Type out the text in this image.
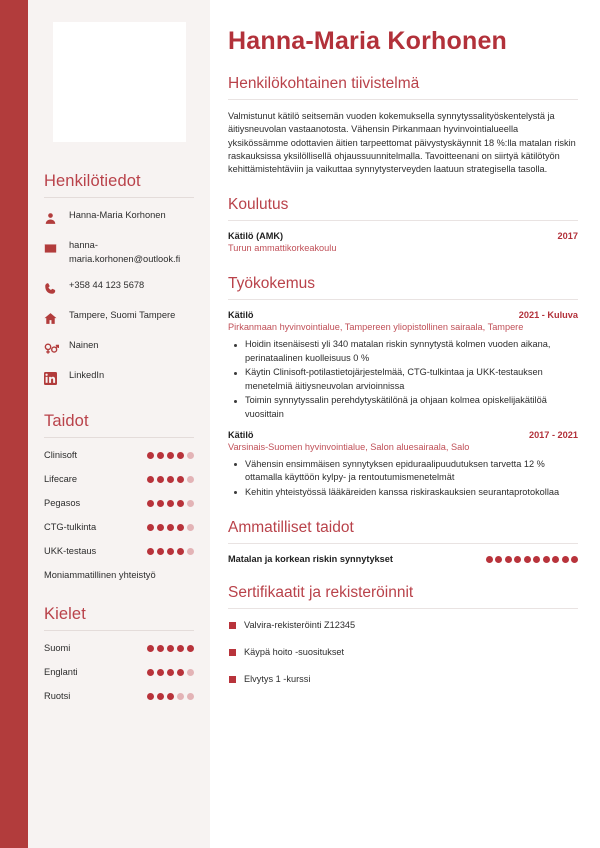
Henkilötiedot
Hanna-Maria Korhonen
hanna-maria.korhonen@outlook.fi
+358 44 123 5678
Tampere, Suomi Tampere
Nainen
LinkedIn
Taidot
Clinisoft
Lifecare
Pegasos
CTG-tulkinta
UKK-testaus
Moniammatillinen yhteistyö
Kielet
Suomi
Englanti
Ruotsi
Hanna-Maria Korhonen
Henkilökohtainen tiivistelmä

Valmistunut kätilö seitsemän vuoden kokemuksella synnytyssalityöskentelystä ja äitiysneuvolan vastaanotosta. Vähensin Pirkanmaan hyvinvointialueella yksikössämme odottavien äitien tarpeettomat päivystyskäynnit 18 %:lla matalan riskin raskauksissa yksilöllisellä ohjaussuunnitelmalla. Tavoitteenani on siirtyä kätilötyön kehittämistehtäviin ja vaikuttaa synnytysterveyden laatuun strategisella tasolla.

Koulutus
Kätilö (AMK)	2017
Turun ammattikorkeakoulu
Työkokemus
Kätilö	2021 - Kuluva
Pirkanmaan hyvinvointialue, Tampereen yliopistollinen sairaala, Tampere
Hoidin itsenäisesti yli 340 matalan riskin synnytystä kolmen vuoden aikana, perinataalinen kuolleisuus 0 %
Käytin Clinisoft-potilastietojärjestelmää, CTG-tulkintaa ja UKK-testauksen menetelmiä äitiysneuvolan arvioinnissa
Toimin synnytyssalin perehdytyskätilönä ja ohjaan kolmea opiskelijakätilöä vuosittain
Kätilö	2017 - 2021
Varsinais-Suomen hyvinvointialue, Salon aluesairaala, Salo
Vähensin ensimmäisen synnytyksen epiduraalipuudutuksen tarvetta 12 % ottamalla käyttöön kylpy- ja rentoutumismenetelmät
Kehitin yhteistyössä lääkäreiden kanssa riskiraskauksien seurantaprotokollaa
Ammatilliset taidot
Matalan ja korkean riskin synnytykset
Sertifikaatit ja rekisteröinnit
Valvira-rekisteröinti Z12345
Käypä hoito -suositukset
Elvytys 1 -kurssi
